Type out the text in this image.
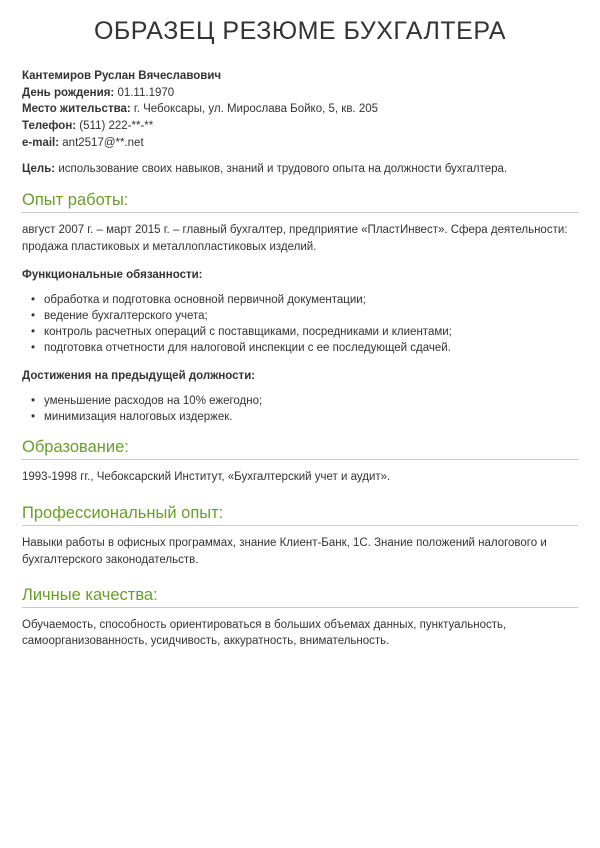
ОБРАЗЕЦ РЕЗЮМЕ БУХГАЛТЕРА
Кантемиров Руслан Вячеславович
День рождения: 01.11.1970
Место жительства: г. Чебоксары, ул. Мирослава Бойко, 5, кв. 205
Телефон: (511) 222-**-**
e-mail: ant2517@**.net

Цель: использование своих навыков, знаний и трудового опыта на должности бухгалтера.

Опыт работы:

август 2007 г. – март 2015 г. – главный бухгалтер, предприятие «ПластИнвест». Сфера деятельности: продажа пластиковых и металлопластиковых изделий.

Функциональные обязанности:

• обработка и подготовка основной первичной документации;
• ведение бухгалтерского учета;
• контроль расчетных операций с поставщиками, посредниками и клиентами;
• подготовка отчетности для налоговой инспекции с ее последующей сдачей.

Достижения на предыдущей должности:

• уменьшение расходов на 10% ежегодно;
• минимизация налоговых издержек.
Образование:

1993-1998 гг., Чебоксарский Институт, «Бухгалтерский учет и аудит».

Профессиональный опыт:

Навыки работы в офисных программах, знание Клиент-Банк, 1С. Знание положений налогового и бухгалтерского законодательств.

Личные качества:

Обучаемость, способность ориентироваться в больших объемах данных, пунктуальность, самоорганизованность, усидчивость, аккуратность, внимательность.
